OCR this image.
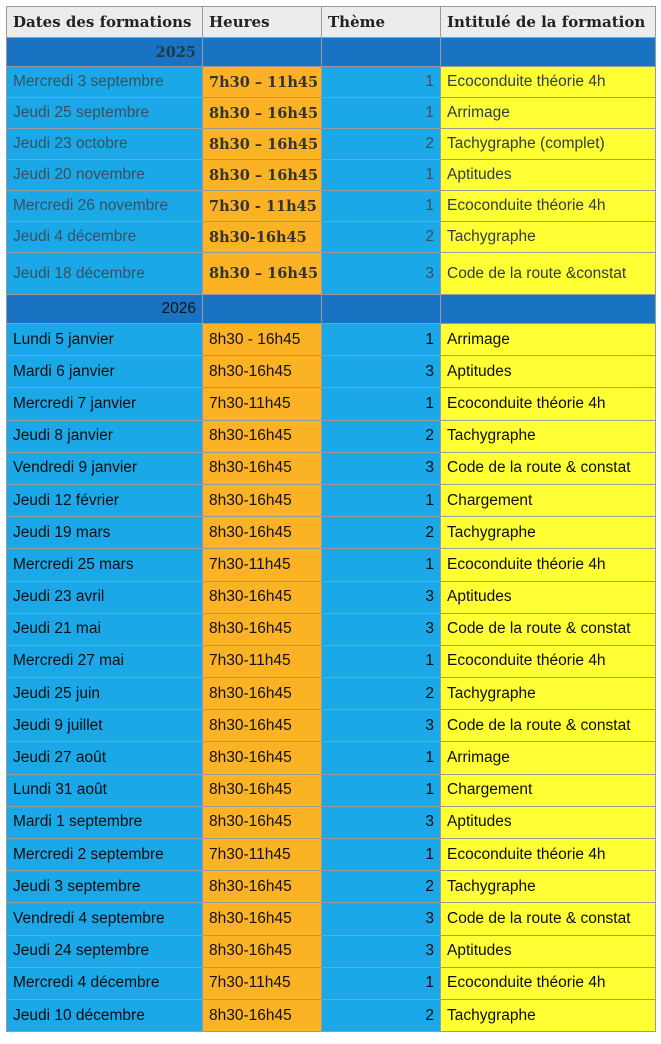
Dates des formations	Heures	Thème	Intitulé de la formation
2025			
Mercredi 3 septembre	7h30 – 11h45	1	Ecoconduite théorie 4h
Jeudi 25 septembre	8h30 – 16h45	1	Arrimage
Jeudi 23 octobre	8h30 – 16h45	2	Tachygraphe (complet)
Jeudi 20 novembre	8h30 – 16h45	1	Aptitudes
Mercredi 26 novembre	7h30 - 11h45	1	Ecoconduite théorie 4h
Jeudi 4 décembre	8h30-16h45	2	Tachygraphe
Jeudi 18 décembre	8h30 – 16h45	3	Code de la route &constat
2026			
Lundi 5 janvier	8h30 - 16h45	1	Arrimage
Mardi 6 janvier	8h30-16h45	3	Aptitudes
Mercredi 7 janvier	7h30-11h45	1	Ecoconduite théorie 4h
Jeudi 8 janvier	8h30-16h45	2	Tachygraphe
Vendredi 9 janvier	8h30-16h45	3	Code de la route & constat
Jeudi 12 février	8h30-16h45	1	Chargement
Jeudi 19 mars	8h30-16h45	2	Tachygraphe
Mercredi 25 mars	7h30-11h45	1	Ecoconduite théorie 4h
Jeudi 23 avril	8h30-16h45	3	Aptitudes
Jeudi 21 mai	8h30-16h45	3	Code de la route & constat
Mercredi 27 mai	7h30-11h45	1	Ecoconduite théorie 4h
Jeudi 25 juin	8h30-16h45	2	Tachygraphe
Jeudi 9 juillet	8h30-16h45	3	Code de la route & constat
Jeudi 27 août	8h30-16h45	1	Arrimage
Lundi 31 août	8h30-16h45	1	Chargement
Mardi 1 septembre	8h30-16h45	3	Aptitudes
Mercredi 2 septembre	7h30-11h45	1	Ecoconduite théorie 4h
Jeudi 3 septembre	8h30-16h45	2	Tachygraphe
Vendredi 4 septembre	8h30-16h45	3	Code de la route & constat
Jeudi 24 septembre	8h30-16h45	3	Aptitudes
Mercredi 4 décembre	7h30-11h45	1	Ecoconduite théorie 4h
Jeudi 10 décembre	8h30-16h45	2	Tachygraphe
